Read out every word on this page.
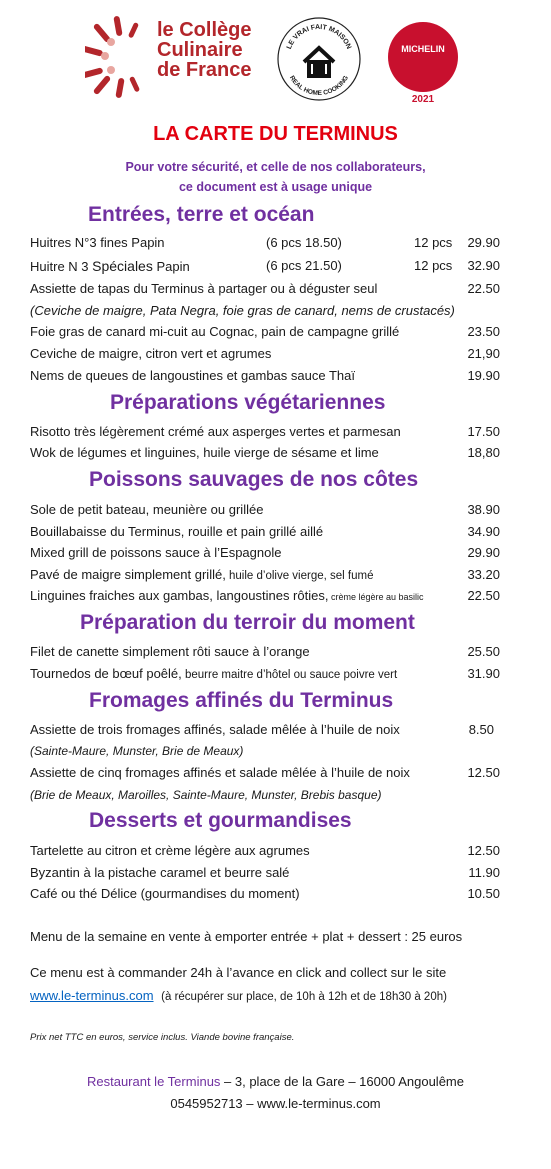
le Collège
Culinaire
de France
LE VRAI FAIT MAISON
REAL HOME COOKING
MICHELIN
2021
LA CARTE DU TERMINUS
Pour votre sécurité, et celle de nos collaborateurs,
ce document est à usage unique
Entrées, terre et océan
Huitres N°3 fines Papin	(6 pcs 18.50)	12 pcs 29.90
Huitre N 3 Spéciales Papin	(6 pcs 21.50)	12 pcs 32.90
Assiette de tapas du Terminus à partager ou à déguster seul	22.50
(Ceviche de maigre, Pata Negra, foie gras de canard, nems de crustacés)
Foie gras de canard mi-cuit au Cognac, pain de campagne grillé	23.50
Ceviche de maigre, citron vert et agrumes	21,90
Nems de queues de langoustines et gambas sauce Thaï	19.90
Préparations végétariennes
Risotto très légèrement crémé aux asperges vertes et parmesan	17.50
Wok de légumes et linguines, huile vierge de sésame et lime	18,80
Poissons sauvages de nos côtes
Sole de petit bateau, meunière ou grillée	38.90
Bouillabaisse du Terminus, rouille et pain grillé aillé	34.90
Mixed grill de poissons sauce à l’Espagnole	29.90
Pavé de maigre simplement grillé, huile d’olive vierge, sel fumé	33.20
Linguines fraiches aux gambas, langoustines rôties, crème légère au basilic	22.50
Préparation du terroir du moment
Filet de canette simplement rôti sauce à l’orange	25.50
Tournedos de bœuf poêlé, beurre maitre d’hôtel ou sauce poivre vert	31.90
Fromages affinés du Terminus
Assiette de trois fromages affinés, salade mêlée à l’huile de noix	8.50
(Sainte-Maure, Munster, Brie de Meaux)
Assiette de cinq fromages affinés et salade mêlée à l’huile de noix	12.50
(Brie de Meaux, Maroilles, Sainte-Maure, Munster, Brebis basque)
Desserts et gourmandises
Tartelette au citron et crème légère aux agrumes	12.50
Byzantin à la pistache caramel et beurre salé	11.90
Café ou thé Délice (gourmandises du moment)	10.50
Menu de la semaine en vente à emporter entrée + plat + dessert : 25 euros
Ce menu est à commander 24h à l’avance en click and collect sur le site
www.le-terminus.com (à récupérer sur place, de 10h à 12h et de 18h30 à 20h)
Prix net TTC en euros, service inclus. Viande bovine française.
Restaurant le Terminus – 3, place de la Gare – 16000 Angoulême
0545952713 – www.le-terminus.com
